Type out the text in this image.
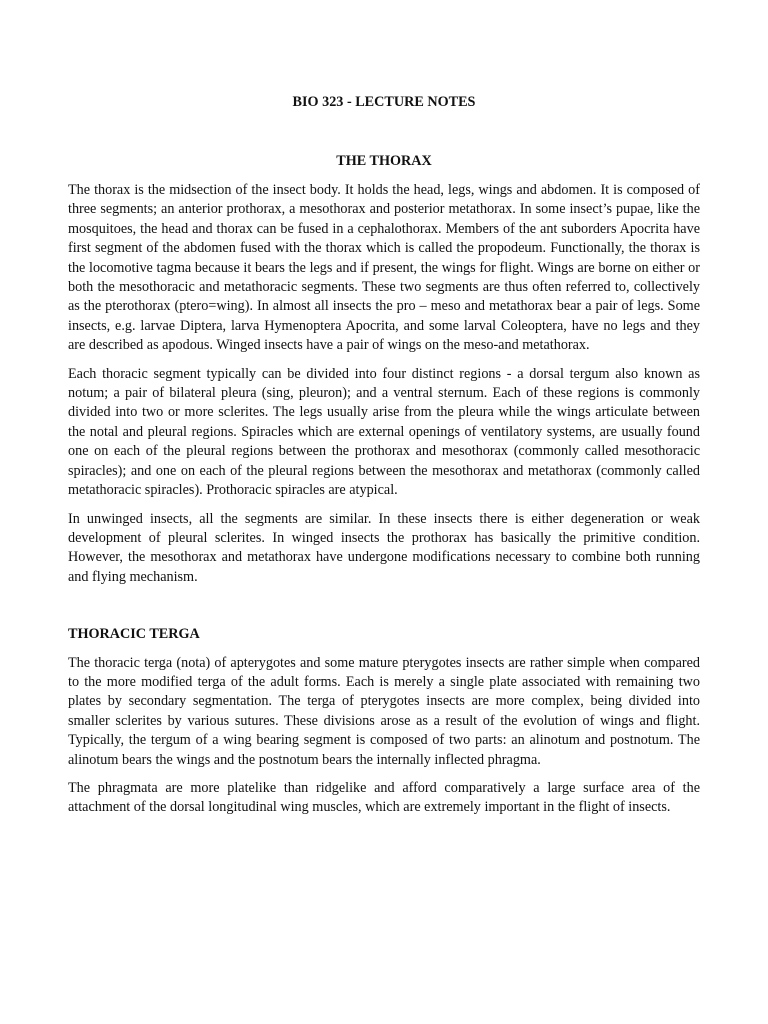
BIO 323 - LECTURE NOTES
THE THORAX

The thorax is the midsection of the insect body. It holds the head, legs, wings and abdomen. It is composed of three segments; an anterior prothorax, a mesothorax and posterior metathorax. In some insect’s pupae, like the mosquitoes, the head and thorax can be fused in a cephalothorax. Members of the ant suborders Apocrita have first segment of the abdomen fused with the thorax which is called the propodeum. Functionally, the thorax is the locomotive tagma because it bears the legs and if present, the wings for flight. Wings are borne on either or both the mesothoracic and metathoracic segments. These two segments are thus often referred to, collectively as the pterothorax (ptero=wing). In almost all insects the pro – meso and metathorax bear a pair of legs. Some insects, e.g. larvae Diptera, larva Hymenoptera Apocrita, and some larval Coleoptera, have no legs and they are described as apodous. Winged insects have a pair of wings on the meso-and metathorax.

Each thoracic segment typically can be divided into four distinct regions - a dorsal tergum also known as notum; a pair of bilateral pleura (sing, pleuron); and a ventral sternum. Each of these regions is commonly divided into two or more sclerites. The legs usually arise from the pleura while the wings articulate between the notal and pleural regions. Spiracles which are external openings of ventilatory systems, are usually found one on each of the pleural regions between the prothorax and mesothorax (commonly called mesothoracic spiracles); and one on each of the pleural regions between the mesothorax and metathorax (commonly called metathoracic spiracles). Prothoracic spiracles are atypical.

In unwinged insects, all the segments are similar. In these insects there is either degeneration or weak development of pleural sclerites. In winged insects the prothorax has basically the primitive condition. However, the mesothorax and metathorax have undergone modifications necessary to combine both running and flying mechanism.

THORACIC TERGA

The thoracic terga (nota) of apterygotes and some mature pterygotes insects are rather simple when compared to the more modified terga of the adult forms. Each is merely a single plate associated with remaining two plates by secondary segmentation. The terga of pterygotes insects are more complex, being divided into smaller sclerites by various sutures. These divisions arose as a result of the evolution of wings and flight. Typically, the tergum of a wing bearing segment is composed of two parts: an alinotum and postnotum. The alinotum bears the wings and the postnotum bears the internally inflected phragma.

The phragmata are more platelike than ridgelike and afford comparatively a large surface area of the attachment of the dorsal longitudinal wing muscles, which are extremely important in the flight of insects.
